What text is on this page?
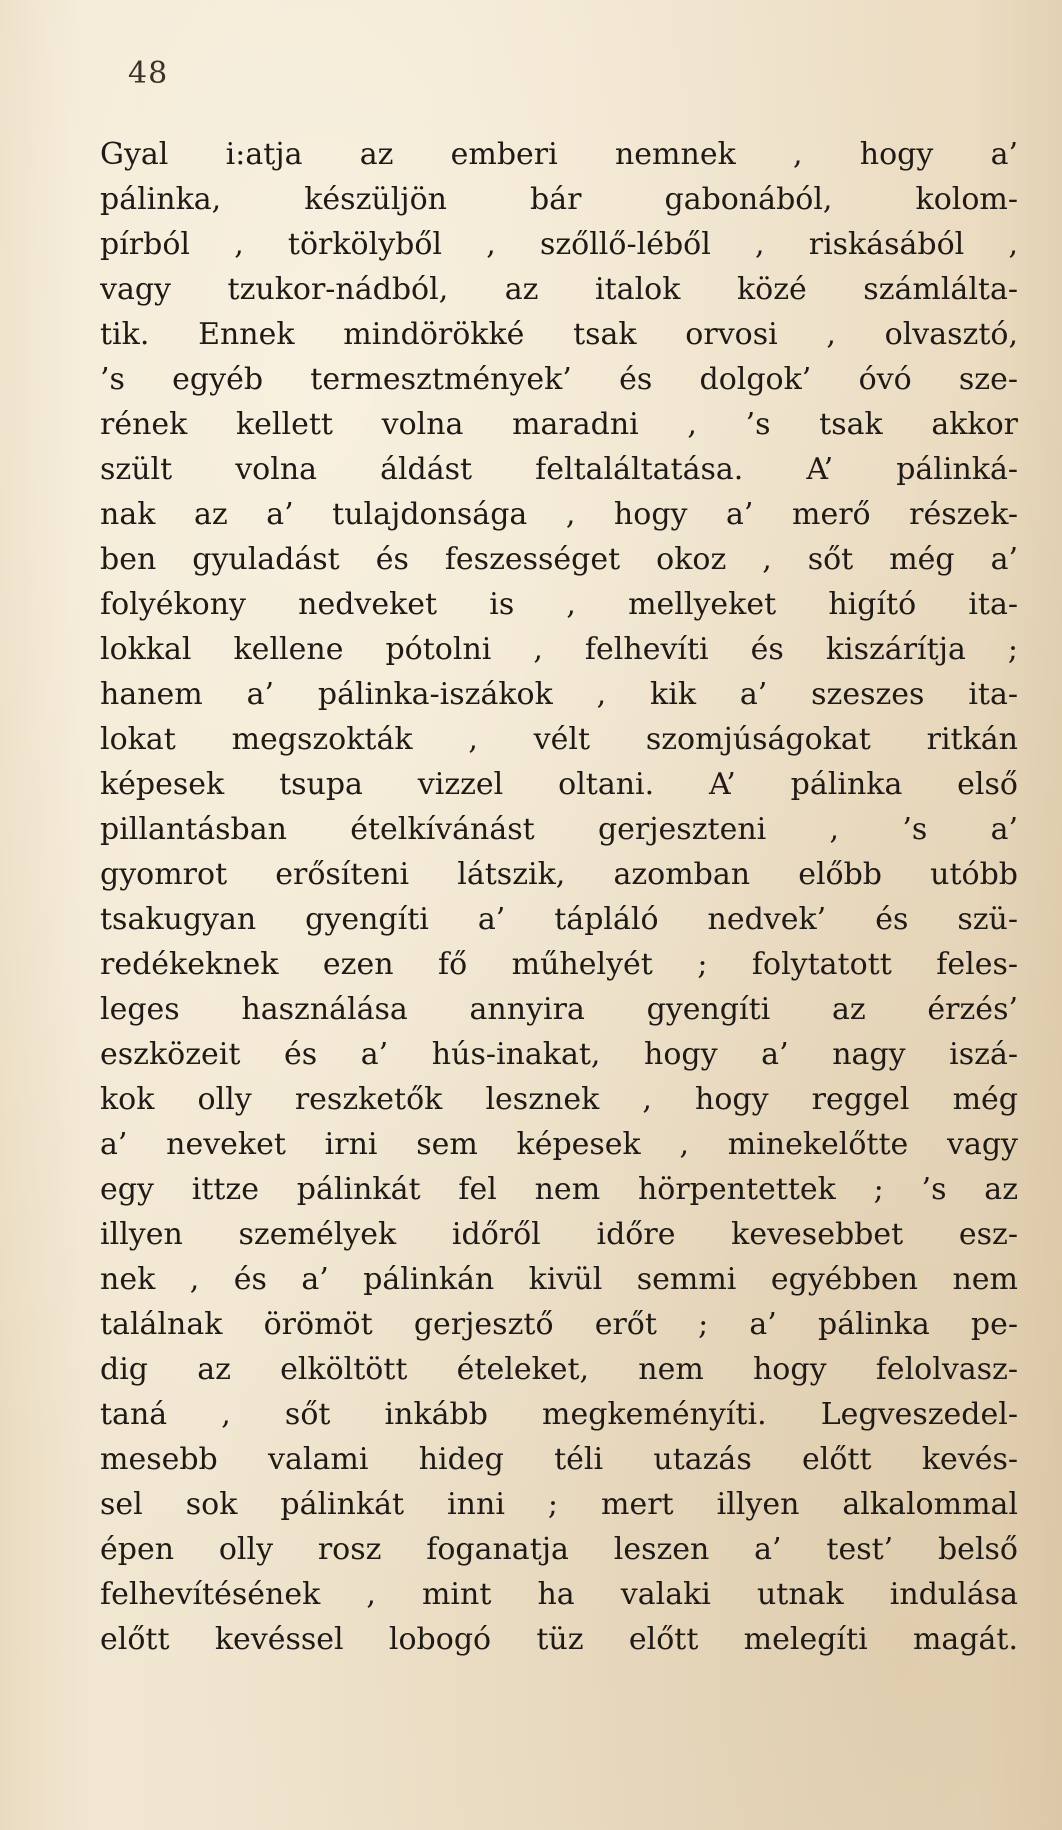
48
Gyal i:atja az emberi nemnek , hogy a’
pálinka, készüljön bár gabonából, kolom-
pírból , törkölyből , szőllő-léből , riskásából ,
vagy tzukor-nádból, az italok közé számlálta-
tik. Ennek mindörökké tsak orvosi , olvasztó,
’s egyéb termesztmények’ és dolgok’ óvó sze-
rének kellett volna maradni , ’s tsak akkor
szült volna áldást feltaláltatása. A’ pálinká-
nak az a’ tulajdonsága , hogy a’ merő részek-
ben gyuladást és feszességet okoz , sőt még a’
folyékony nedveket is , mellyeket higító ita-
lokkal kellene pótolni , felhevíti és kiszárítja ;
hanem a’ pálinka-iszákok , kik a’ szeszes ita-
lokat megszokták , vélt szomjúságokat ritkán
képesek tsupa vizzel oltani. A’ pálinka első
pillantásban ételkívánást gerjeszteni , ’s a’
gyomrot erősíteni látszik, azomban előbb utóbb
tsakugyan gyengíti a’ tápláló nedvek’ és szü-
redékeknek ezen fő műhelyét ; folytatott feles-
leges használása annyira gyengíti az érzés’
eszközeit és a’ hús-inakat, hogy a’ nagy iszá-
kok olly reszketők lesznek , hogy reggel még
a’ neveket irni sem képesek , minekelőtte vagy
egy ittze pálinkát fel nem hörpentettek ; ’s az
illyen személyek időről időre kevesebbet esz-
nek , és a’ pálinkán kivül semmi egyébben nem
találnak örömöt gerjesztő erőt ; a’ pálinka pe-
dig az elköltött ételeket, nem hogy felolvasz-
taná , sőt inkább megkeményíti. Legveszedel-
mesebb valami hideg téli utazás előtt kevés-
sel sok pálinkát inni ; mert illyen alkalommal
épen olly rosz foganatja leszen a’ test’ belső
felhevítésének , mint ha valaki utnak indulása
előtt kevéssel lobogó tüz előtt melegíti magát.
